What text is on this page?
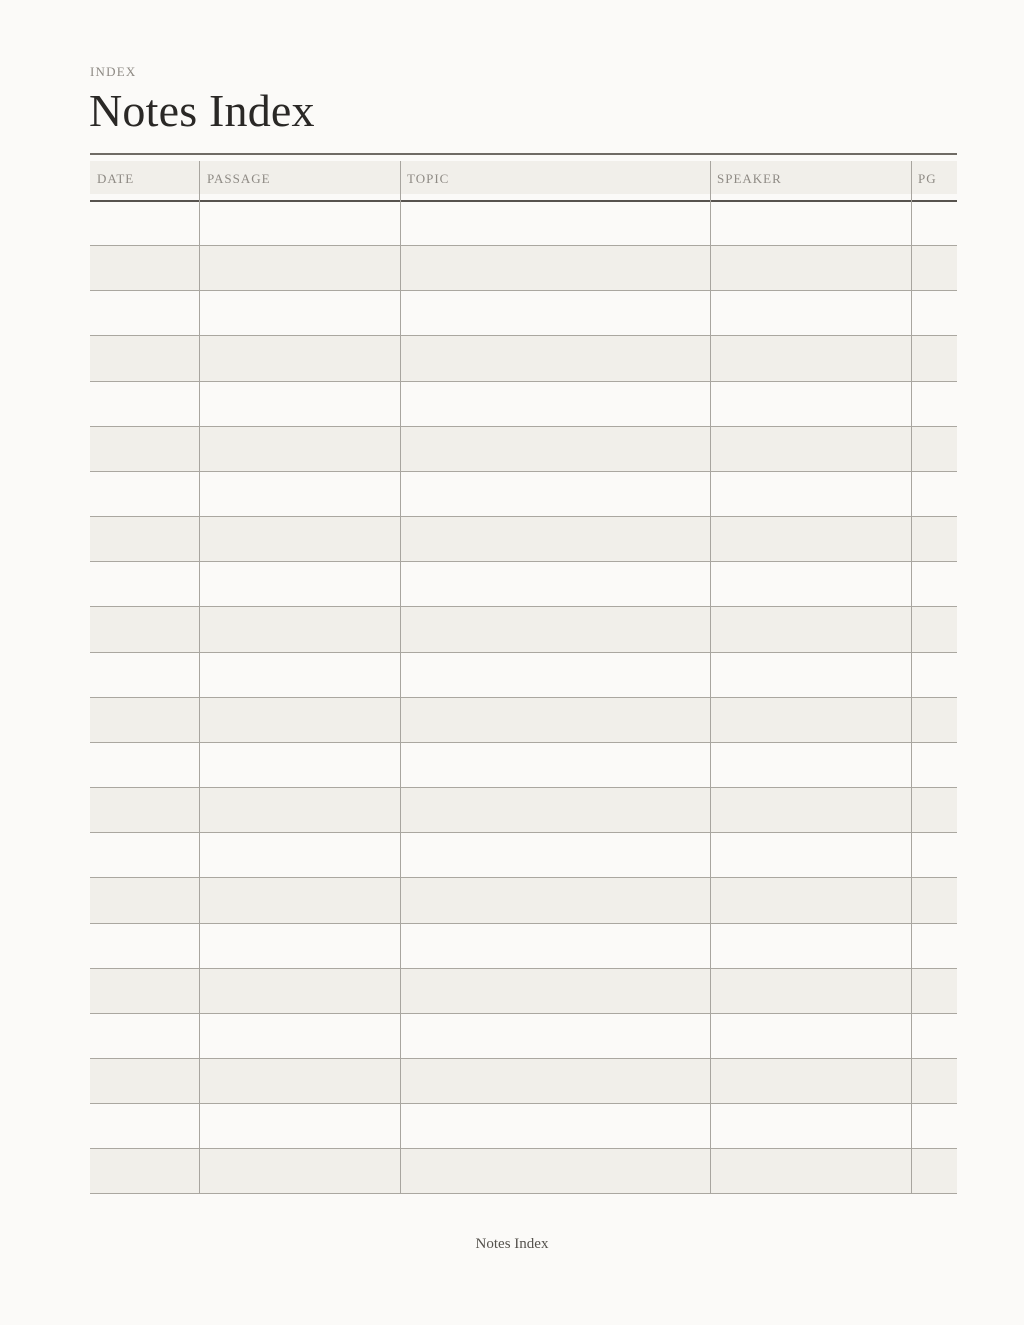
INDEX
Notes Index
DATE	PASSAGE	TOPIC	SPEAKER	PG
Notes Index
